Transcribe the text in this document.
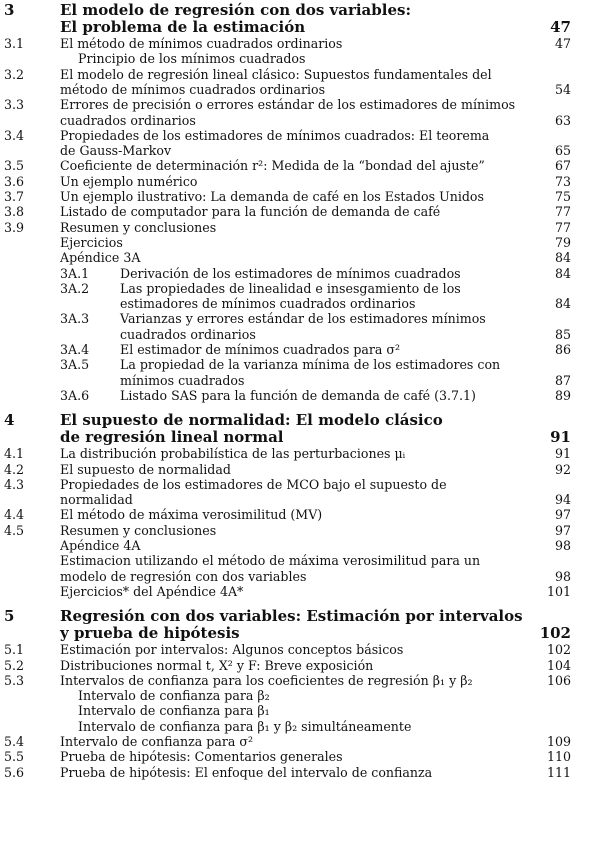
3	El modelo de regresión con dos variables:
El problema de la estimación	47
3.1	El método de mínimos cuadrados ordinarios	47
Principio de los mínimos cuadrados
3.2	El modelo de regresión lineal clásico: Supuestos fundamentales del
método de mínimos cuadrados ordinarios	54
3.3	Errores de precisión o errores estándar de los estimadores de mínimos
cuadrados ordinarios	63
3.4	Propiedades de los estimadores de mínimos cuadrados: El teorema
de Gauss-Markov	65
3.5	Coeficiente de determinación r²: Medida de la “bondad del ajuste”	67
3.6	Un ejemplo numérico	73
3.7	Un ejemplo ilustrativo: La demanda de café en los Estados Unidos	75
3.8	Listado de computador para la función de demanda de café	77
3.9	Resumen y conclusiones	77
Ejercicios	79
Apéndice 3A	84
3A.1 Derivación de los estimadores de mínimos cuadrados	84
3A.2 Las propiedades de linealidad e insesgamiento de los
estimadores de mínimos cuadrados ordinarios	84
3A.3 Varianzas y errores estándar de los estimadores mínimos
cuadrados ordinarios	85
3A.4 El estimador de mínimos cuadrados para σ²	86
3A.5 La propiedad de la varianza mínima de los estimadores con
mínimos cuadrados	87
3A.6 Listado SAS para la función de demanda de café (3.7.1)	89
4	El supuesto de normalidad: El modelo clásico
de regresión lineal normal	91
4.1	La distribución probabilística de las perturbaciones μᵢ	91
4.2	El supuesto de normalidad	92
4.3	Propiedades de los estimadores de MCO bajo el supuesto de
normalidad	94
4.4	El método de máxima verosimilitud (MV)	97
4.5	Resumen y conclusiones	97
Apéndice 4A	98
Estimacion utilizando el método de máxima verosimilitud para un
modelo de regresión con dos variables	98
Ejercicios* del Apéndice 4A*	101
5	Regresión con dos variables: Estimación por intervalos
y prueba de hipótesis	102
5.1	Estimación por intervalos: Algunos conceptos básicos	102
5.2	Distribuciones normal t, X² y F: Breve exposición	104
5.3	Intervalos de confianza para los coeficientes de regresión β₁ y β₂	106
Intervalo de confianza para β₂
Intervalo de confianza para β₁
Intervalo de confianza para β₁ y β₂ simultáneamente
5.4	Intervalo de confianza para σ²	109
5.5	Prueba de hipótesis: Comentarios generales	110
5.6	Prueba de hipótesis: El enfoque del intervalo de confianza	111
